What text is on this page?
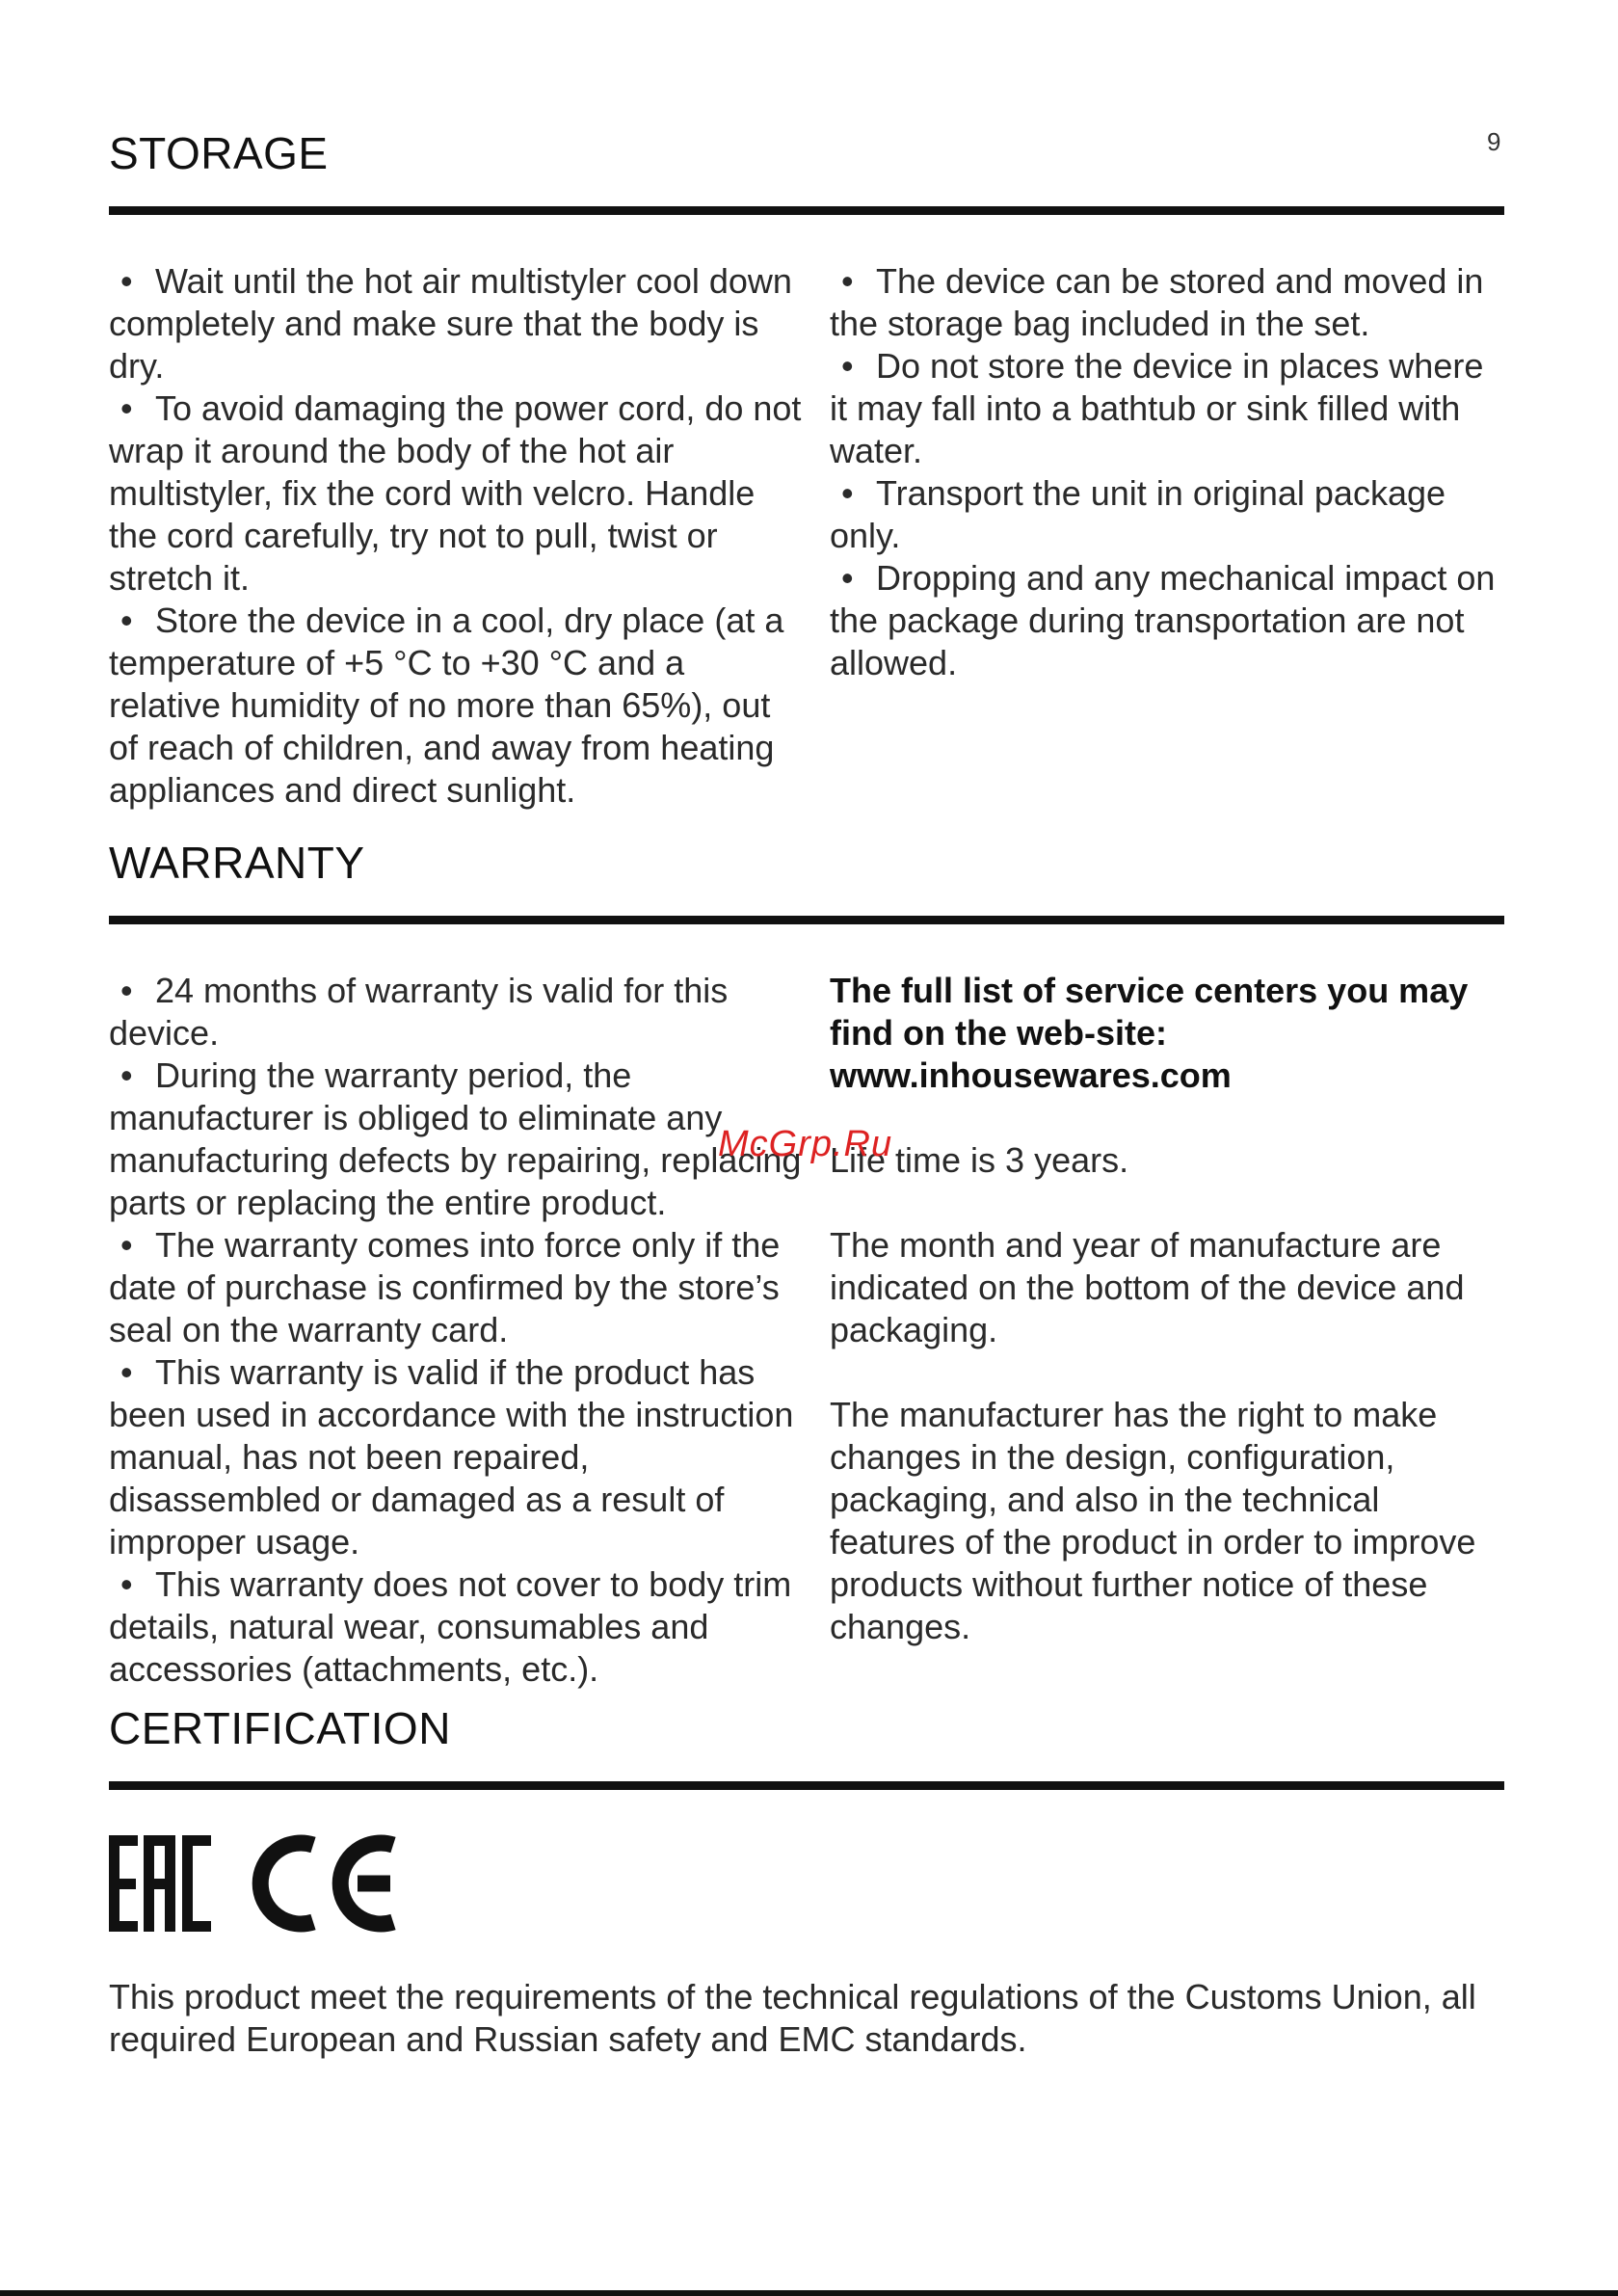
9
STORAGE

• Wait until the hot air multistyler cool down completely and make sure that the body is dry.

• To avoid damaging the power cord, do not wrap it around the body of the hot air multistyler, fix the cord with velcro. Handle the cord carefully, try not to pull, twist or stretch it.

• Store the device in a cool, dry place (at a temperature of +5 °C to +30 °C and a relative humidity of no more than 65%), out of reach of children, and away from heating appliances and direct sunlight.

• The device can be stored and moved in the storage bag included in the set.

• Do not store the device in places where it may fall into a bathtub or sink filled with water.

• Transport the unit in original package only.

• Dropping and any mechanical impact on the package during transportation are not allowed.

WARRANTY

• 24 months of warranty is valid for this device.

• During the warranty period, the manufacturer is obliged to eliminate any manufacturing defects by repairing, replacing parts or replacing the entire product.

• The warranty comes into force only if the date of purchase is confirmed by the store’s seal on the warranty card.

• This warranty is valid if the product has been used in accordance with the instruction manual, has not been repaired, disassembled or damaged as a result of improper usage.

• This warranty does not cover to body trim details, natural wear, consumables and accessories (attachments, etc.).

The full list of service centers you may find on the web-site:

www.inhousewares.com

Life time is 3 years.

The month and year of manufacture are indicated on the bottom of the device and packaging.

The manufacturer has the right to make changes in the design, configuration, packaging, and also in the technical features of the product in order to improve products without further notice of these changes.

McGrp.Ru
CERTIFICATION
This product meet the requirements of the technical regulations of the Customs Union, all required European and Russian safety and EMC standards.
